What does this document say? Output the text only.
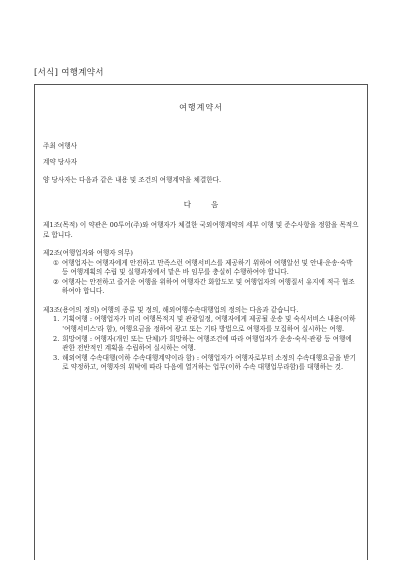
[서식] 여행계약서
여행계약서
주최 여행사
계약 당사자
양 당사자는 다음과 같은 내용 및 조건의 여행계약을 체결한다.
다	음

제1조(목적) 이 약관은 00투어(주)와 여행자가 체결한 국외여행계약의 세부 이행 및 준수사항을 정함을 목적으로 합니다.

제2조(여행업자와 여행자 의무)

① 여행업자는 여행자에게 안전하고 만족스런 여행서비스를 제공하기 위하여 여행알선 및 안내·운송·숙박 등 여행계획의 수립 및 실행과정에서 맡은 바 임무를 충실히 수행하여야 합니다.
② 여행자는 안전하고 즐거운 여행을 위하여 여행자간 화합도모 및 여행업자의 여행질서 유지에 적극 협조하여야 합니다.

제3조(용어의 정의) 여행의 종류 및 정의, 해외여행수속대행업의 정의는 다음과 같습니다.

1. 기획여행 : 여행업자가 미리 여행목적지 및 관광일정, 여행자에게 제공될 운송 및 숙식서비스 내용(이하 '여행서비스'라 함), 여행요금을 정하여 광고 또는 기타 방법으로 여행자를 모집하여 실시하는 여행.
2. 희망여행 : 여행자(개인 또는 단체)가 희망하는 여행조건에 따라 여행업자가 운송·숙식·관광 등 여행에 관한 전반적인 계획을 수립하여 실시하는 여행.
3. 해외여행 수속대행(이하 수속대행계약이라 함) : 여행업자가 여행자로부터 소정의 수속대행요금을 받기로 약정하고, 여행자의 위탁에 따라 다음에 열거하는 업무(이하 수속 대행업무라함)를 대행하는 것.
